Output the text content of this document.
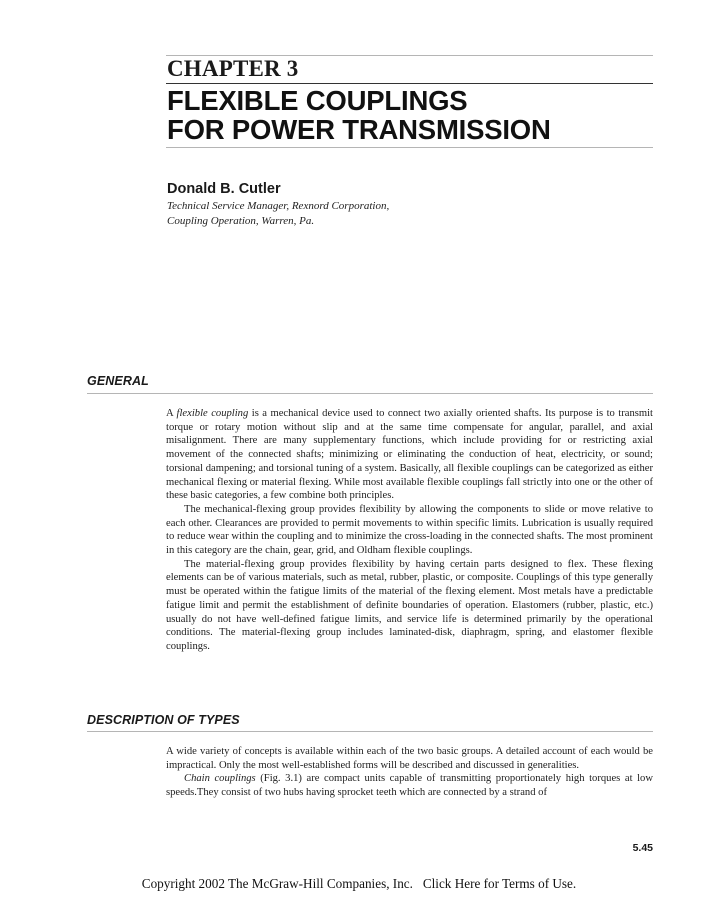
CHAPTER 3
FLEXIBLE COUPLINGS
FOR POWER TRANSMISSION
Donald B. Cutler
Technical Service Manager, Rexnord Corporation,
Coupling Operation, Warren, Pa.
GENERAL

A flexible coupling is a mechanical device used to connect two axially oriented shafts. Its purpose is to transmit torque or rotary motion without slip and at the same time compensate for angular, parallel, and axial misalignment. There are many supplementary functions, which include providing for or restricting axial movement of the connected shafts; minimizing or eliminating the conduction of heat, electricity, or sound; torsional dampening; and torsional tuning of a system. Basically, all flexible couplings can be categorized as either mechanical flexing or material flexing. While most available flexible couplings fall strictly into one or the other of these basic categories, a few combine both principles.

The mechanical-flexing group provides flexibility by allowing the components to slide or move relative to each other. Clearances are provided to permit movements to within specific limits. Lubrication is usually required to reduce wear within the coupling and to minimize the cross-loading in the connected shafts. The most prominent in this category are the chain, gear, grid, and Oldham flexible couplings.

The material-flexing group provides flexibility by having certain parts designed to flex. These flexing elements can be of various materials, such as metal, rubber, plastic, or composite. Couplings of this type generally must be operated within the fatigue limits of the material of the flexing element. Most metals have a predictable fatigue limit and permit the establishment of definite boundaries of operation. Elastomers (rubber, plastic, etc.) usually do not have well-defined fatigue limits, and service life is determined primarily by the operational conditions. The material-flexing group includes laminated-disk, diaphragm, spring, and elastomer flexible couplings.

DESCRIPTION OF TYPES

A wide variety of concepts is available within each of the two basic groups. A detailed account of each would be impractical. Only the most well-established forms will be described and discussed in generalities.

Chain couplings (Fig. 3.1) are compact units capable of transmitting proportionately high torques at low speeds.They consist of two hubs having sprocket teeth which are connected by a strand of

5.45
Copyright 2002 The McGraw-Hill Companies, Inc. Click Here for Terms of Use.
